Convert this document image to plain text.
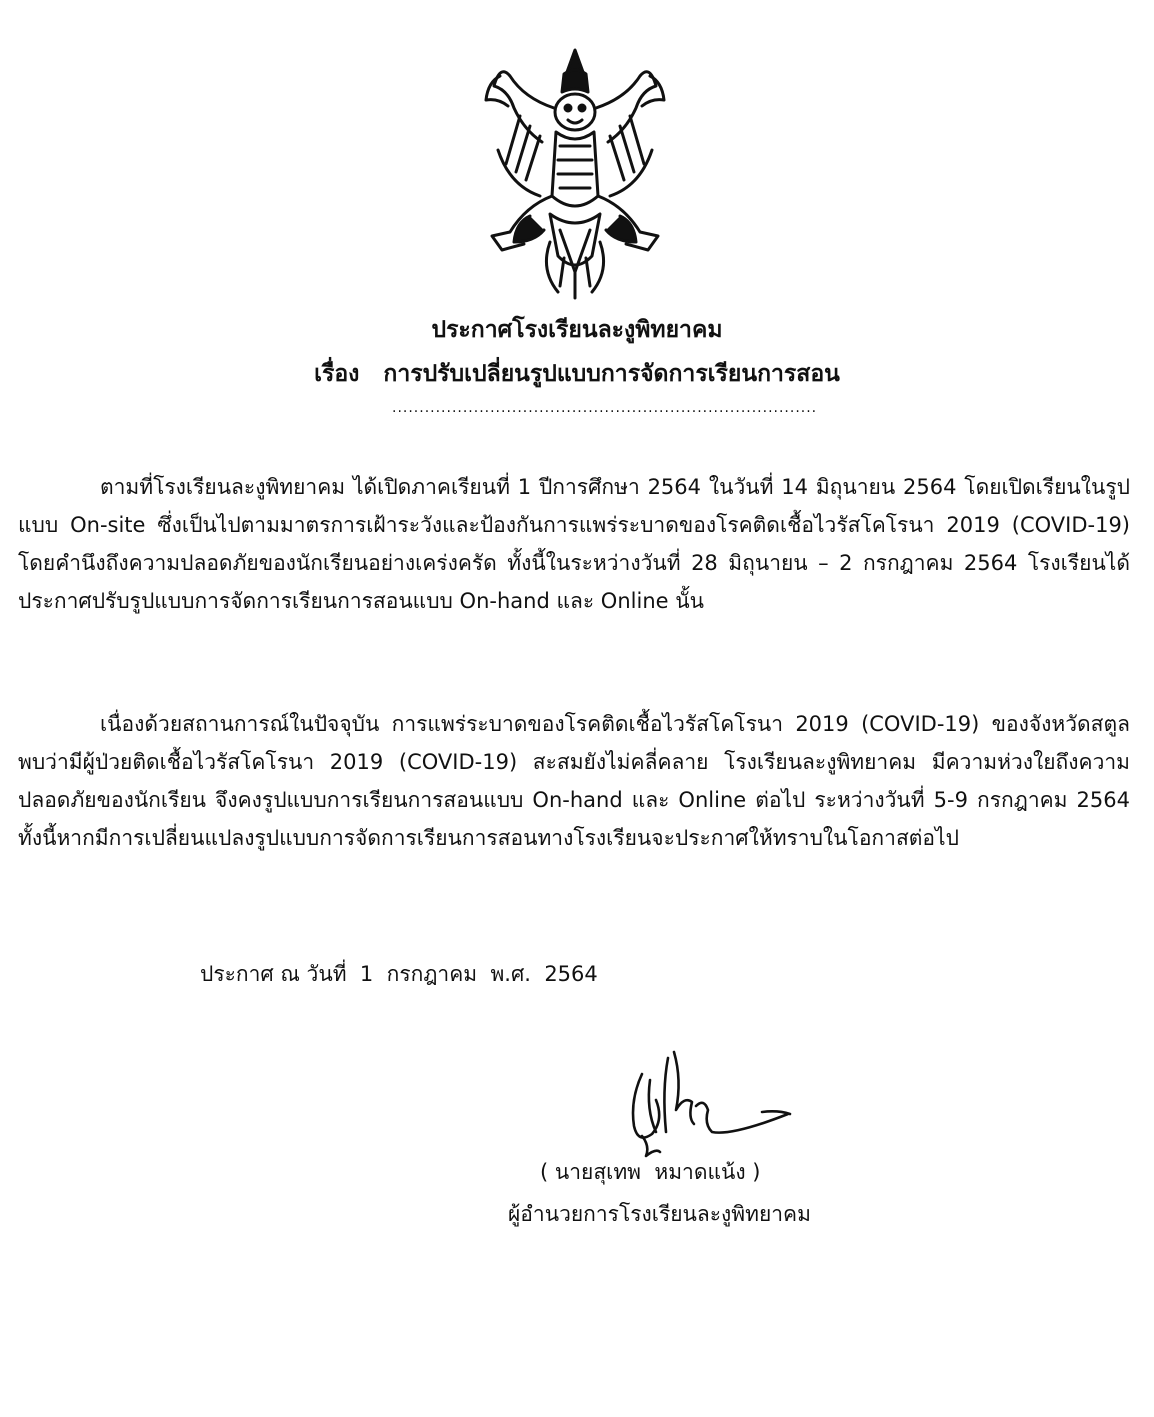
ประกาศโรงเรียนละงูพิทยาคม
เรื่อง การปรับเปลี่ยนรูปแบบการจัดการเรียนการสอน
..............................................................................

ตามที่โรงเรียนละงูพิทยาคม ได้เปิดภาคเรียนที่ 1 ปีการศึกษา 2564 ในวันที่ 14 มิถุนายน 2564 โดยเปิดเรียนในรูปแบบ On-site ซึ่งเป็นไปตามมาตรการเฝ้าระวังและป้องกันการแพร่ระบาดของโรคติดเชื้อไวรัสโคโรนา 2019 (COVID-19) โดยคำนึงถึงความปลอดภัยของนักเรียนอย่างเคร่งครัด ทั้งนี้ในระหว่างวันที่ 28 มิถุนายน – 2 กรกฎาคม 2564 โรงเรียนได้ประกาศปรับรูปแบบการจัดการเรียนการสอนแบบ On-hand และ Online นั้น

เนื่องด้วยสถานการณ์ในปัจจุบัน การแพร่ระบาดของโรคติดเชื้อไวรัสโคโรนา 2019 (COVID-19) ของจังหวัดสตูล พบว่ามีผู้ป่วยติดเชื้อไวรัสโคโรนา 2019 (COVID-19) สะสมยังไม่คลี่คลาย โรงเรียนละงูพิทยาคม มีความห่วงใยถึงความปลอดภัยของนักเรียน จึงคงรูปแบบการเรียนการสอนแบบ On-hand และ Online ต่อไป ระหว่างวันที่ 5-9 กรกฎาคม 2564 ทั้งนี้หากมีการเปลี่ยนแปลงรูปแบบการจัดการเรียนการสอนทางโรงเรียนจะประกาศให้ทราบในโอกาสต่อไป

ประกาศ ณ วันที่  1  กรกฎาคม  พ.ศ.  2564
( นายสุเทพ  หมาดแน้ง )
ผู้อำนวยการโรงเรียนละงูพิทยาคม
